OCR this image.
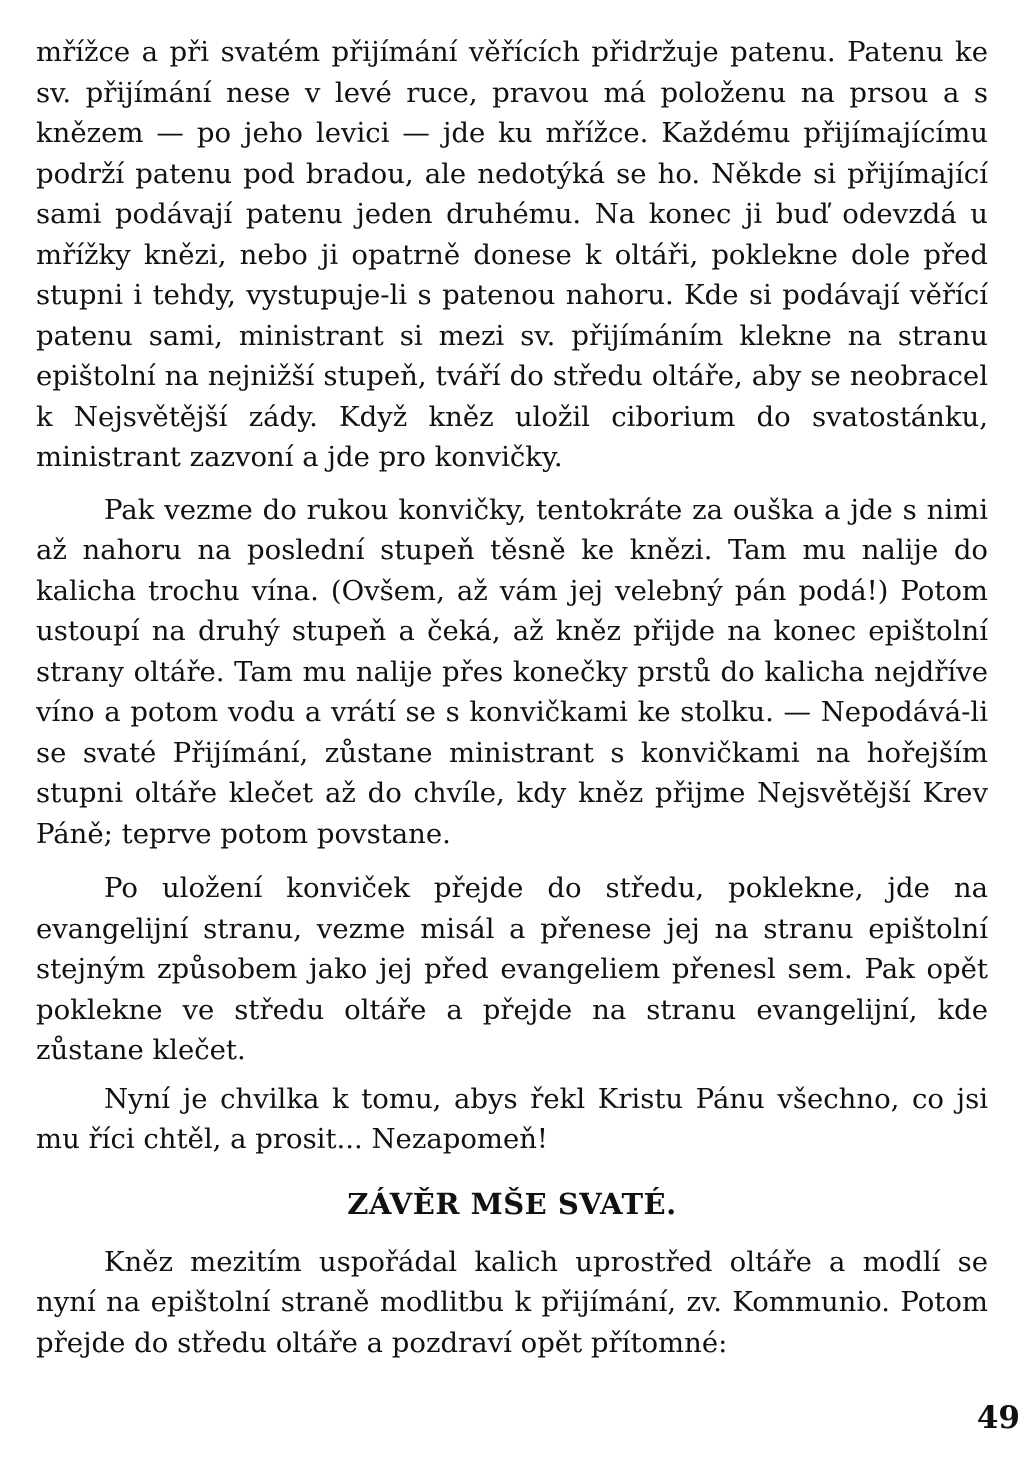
mřížce a při svatém přijímání věřících přidržuje patenu. Patenu ke sv. přijímání nese v levé ruce, pravou má položenu na prsou a s knězem — po jeho levici — jde ku mřížce. Každému přijímajícímu podrží patenu pod bradou, ale nedotýká se ho. Někde si přijímající sami podávají patenu jeden druhému. Na konec ji buď odevzdá u mřížky knězi, nebo ji opatrně donese k oltáři, poklekne dole před stupni i tehdy, vystupuje-li s patenou nahoru. Kde si podávají věřící patenu sami, ministrant si mezi sv. přijímáním klekne na stranu epištolní na nejnižší stupeň, tváří do středu oltáře, aby se neobracel k Nejsvětější zády. Když kněz uložil ciborium do svatostánku, ministrant zazvoní a jde pro konvičky.

Pak vezme do rukou konvičky, tentokráte za ouška a jde s nimi až nahoru na poslední stupeň těsně ke knězi. Tam mu nalije do kalicha trochu vína. (Ovšem, až vám jej velebný pán podá!) Potom ustoupí na druhý stupeň a čeká, až kněz přijde na konec epištolní strany oltáře. Tam mu nalije přes konečky prstů do kalicha nejdříve víno a potom vodu a vrátí se s konvičkami ke stolku. — Nepodává-li se svaté Přijímání, zůstane ministrant s konvičkami na hořejším stupni oltáře klečet až do chvíle, kdy kněz přijme Nejsvětější Krev Páně; teprve potom povstane.

Po uložení konviček přejde do středu, poklekne, jde na evangelijní stranu, vezme misál a přenese jej na stranu epištolní stejným způsobem jako jej před evangeliem přenesl sem. Pak opět poklekne ve středu oltáře a přejde na stranu evangelijní, kde zůstane klečet.

Nyní je chvilka k tomu, abys řekl Kristu Pánu všechno, co jsi mu říci chtěl, a prosit... Nezapomeň!

ZÁVĚR MŠE SVATÉ.

Kněz mezitím uspořádal kalich uprostřed oltáře a modlí se nyní na epištolní straně modlitbu k přijímání, zv. Kommunio. Potom přejde do středu oltáře a pozdraví opět přítomné:

49
